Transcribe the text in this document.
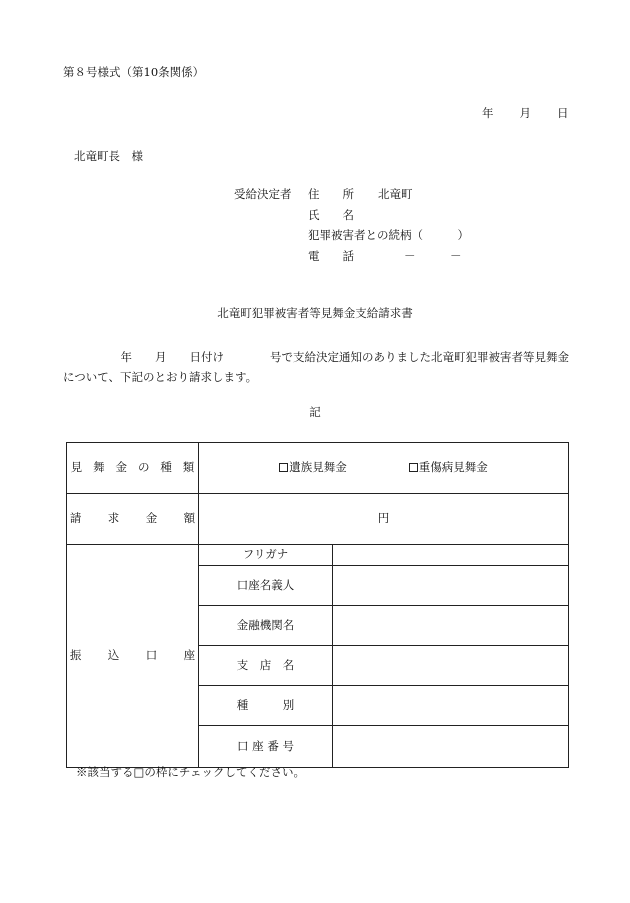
第８号様式（第10条関係）
年 月 日
北竜町長　様
受給決定者	住　　所	北竜町
氏　　名
犯罪被害者との続柄（　　　）
電　　話	－　　　－
北竜町犯罪被害者等見舞金支給請求書
　　　　　年　　月　　日付け　　　　号で支給決定通知のありました北竜町犯罪被害者等見舞金について、下記のとおり請求します。
記
見舞金の種類	遺族見舞金	重傷病見舞金
請求金額	円
振込口座
フリガナ
口座名義人
金融機関名
支　店　名
種　　　別
口 座 番 号
※該当する□の枠にチェックしてください。
